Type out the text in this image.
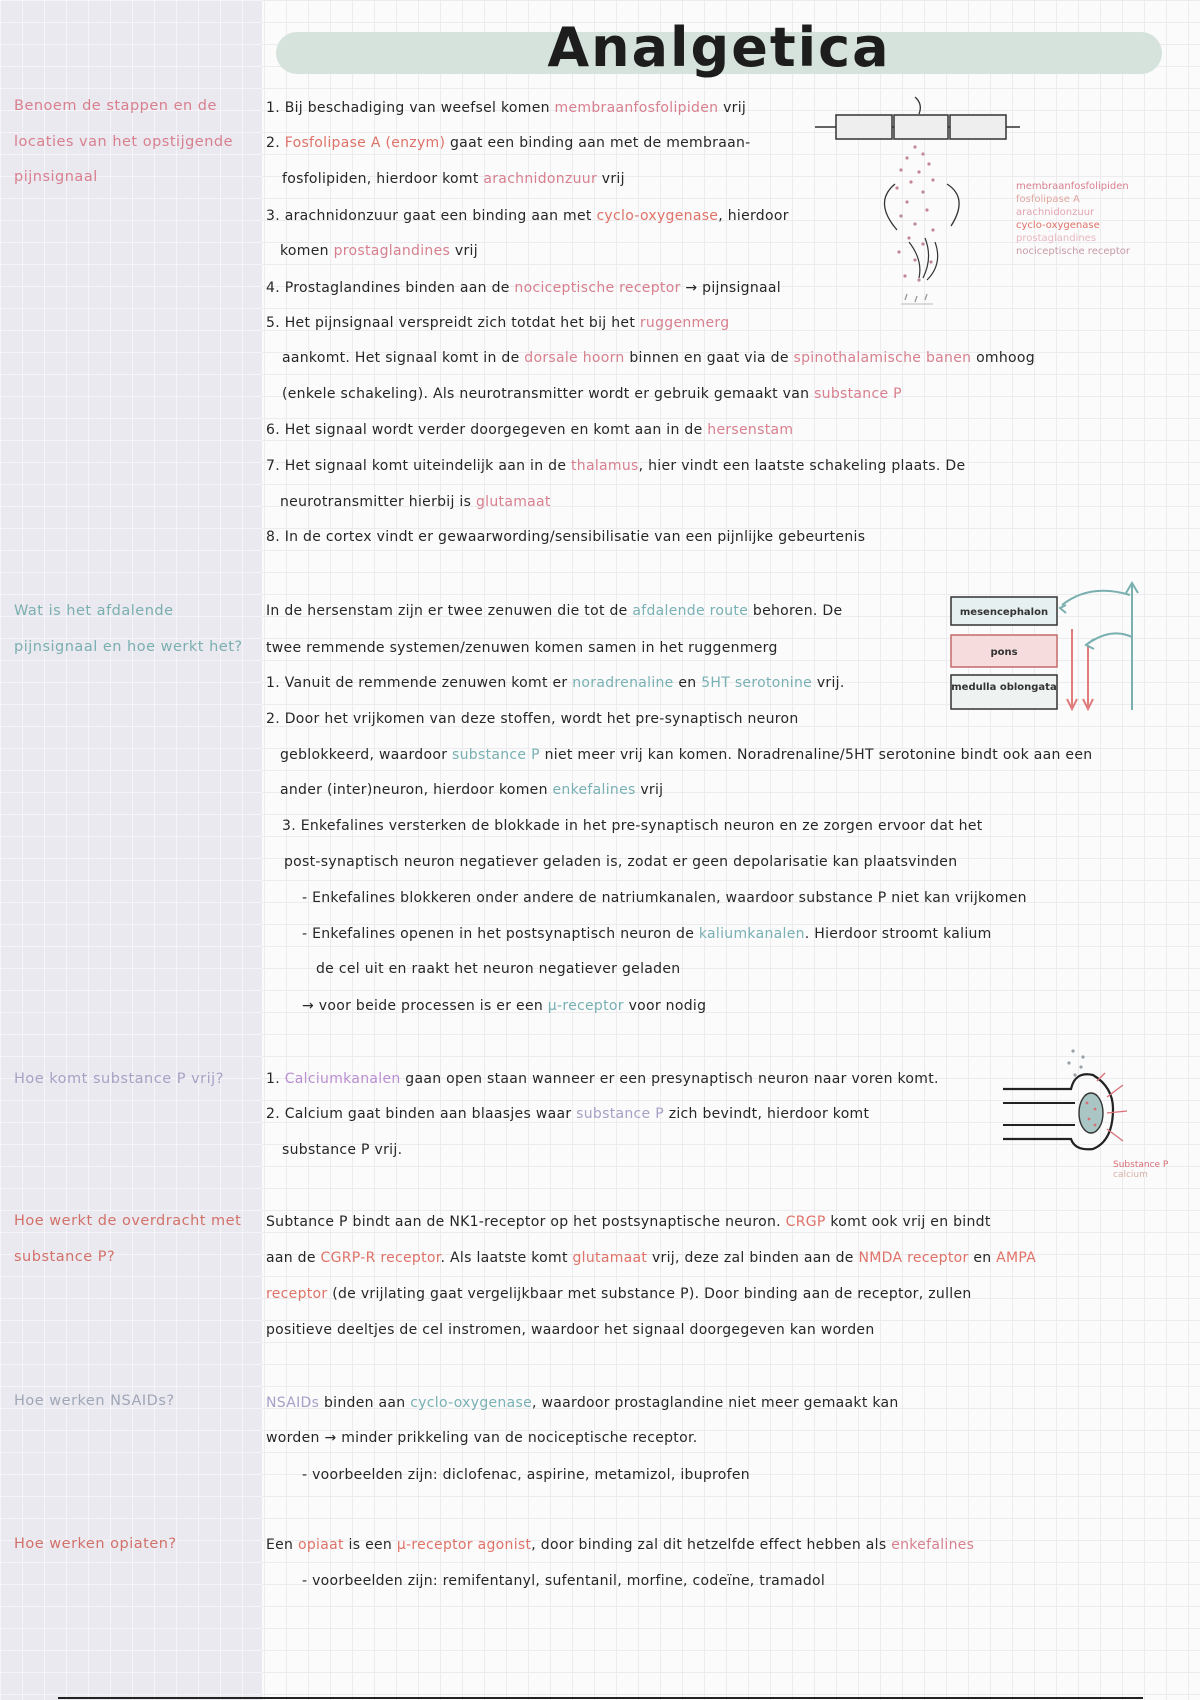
Analgetica
Benoem de stappen en de locaties van het opstijgende pijnsignaal
Wat is het afdalende pijnsignaal en hoe werkt het?
Hoe komt substance P vrij?
Hoe werkt de overdracht met substance P?
Hoe werken NSAIDs?
Hoe werken opiaten?
1. Bij beschadiging van weefsel komen membraanfosfolipiden vrij
2. Fosfolipase A (enzym) gaat een binding aan met de membraan-
fosfolipiden, hierdoor komt arachnidonzuur vrij
3. arachnidonzuur gaat een binding aan met cyclo-oxygenase, hierdoor
komen prostaglandines vrij
4. Prostaglandines binden aan de nociceptische receptor → pijnsignaal
5. Het pijnsignaal verspreidt zich totdat het bij het ruggenmerg
aankomt. Het signaal komt in de dorsale hoorn binnen en gaat via de spinothalamische banen omhoog
(enkele schakeling). Als neurotransmitter wordt er gebruik gemaakt van substance P
6. Het signaal wordt verder doorgegeven en komt aan in de hersenstam
7. Het signaal komt uiteindelijk aan in de thalamus, hier vindt een laatste schakeling plaats. De
neurotransmitter hierbij is glutamaat
8. In de cortex vindt er gewaarwording/sensibilisatie van een pijnlijke gebeurtenis
In de hersenstam zijn er twee zenuwen die tot de afdalende route behoren. De
twee remmende systemen/zenuwen komen samen in het ruggenmerg
1. Vanuit de remmende zenuwen komt er noradrenaline en 5HT serotonine vrij.
2. Door het vrijkomen van deze stoffen, wordt het pre-synaptisch neuron
geblokkeerd, waardoor substance P niet meer vrij kan komen. Noradrenaline/5HT serotonine bindt ook aan een
ander (inter)neuron, hierdoor komen enkefalines vrij
3. Enkefalines versterken de blokkade in het pre-synaptisch neuron en ze zorgen ervoor dat het
post-synaptisch neuron negatiever geladen is, zodat er geen depolarisatie kan plaatsvinden
- Enkefalines blokkeren onder andere de natriumkanalen, waardoor substance P niet kan vrijkomen
- Enkefalines openen in het postsynaptisch neuron de kaliumkanalen. Hierdoor stroomt kalium
de cel uit en raakt het neuron negatiever geladen
→ voor beide processen is er een μ-receptor voor nodig
1. Calciumkanalen gaan open staan wanneer er een presynaptisch neuron naar voren komt.
2. Calcium gaat binden aan blaasjes waar substance P zich bevindt, hierdoor komt
substance P vrij.
Subtance P bindt aan de NK1-receptor op het postsynaptische neuron. CRGP komt ook vrij en bindt
aan de CGRP-R receptor. Als laatste komt glutamaat vrij, deze zal binden aan de NMDA receptor en AMPA
receptor (de vrijlating gaat vergelijkbaar met substance P). Door binding aan de receptor, zullen
positieve deeltjes de cel instromen, waardoor het signaal doorgegeven kan worden
NSAIDs binden aan cyclo-oxygenase, waardoor prostaglandine niet meer gemaakt kan
worden → minder prikkeling van de nociceptische receptor.
- voorbeelden zijn: diclofenac, aspirine, metamizol, ibuprofen
Een opiaat is een μ-receptor agonist, door binding zal dit hetzelfde effect hebben als enkefalines
- voorbeelden zijn: remifentanyl, sufentanil, morfine, codeïne, tramadol
membraanfosfolipiden
fosfolipase A
arachnidonzuur
cyclo-oxygenase
prostaglandines
nociceptische receptor
mesencephalon
pons
medulla oblongata
Substance P
calcium
